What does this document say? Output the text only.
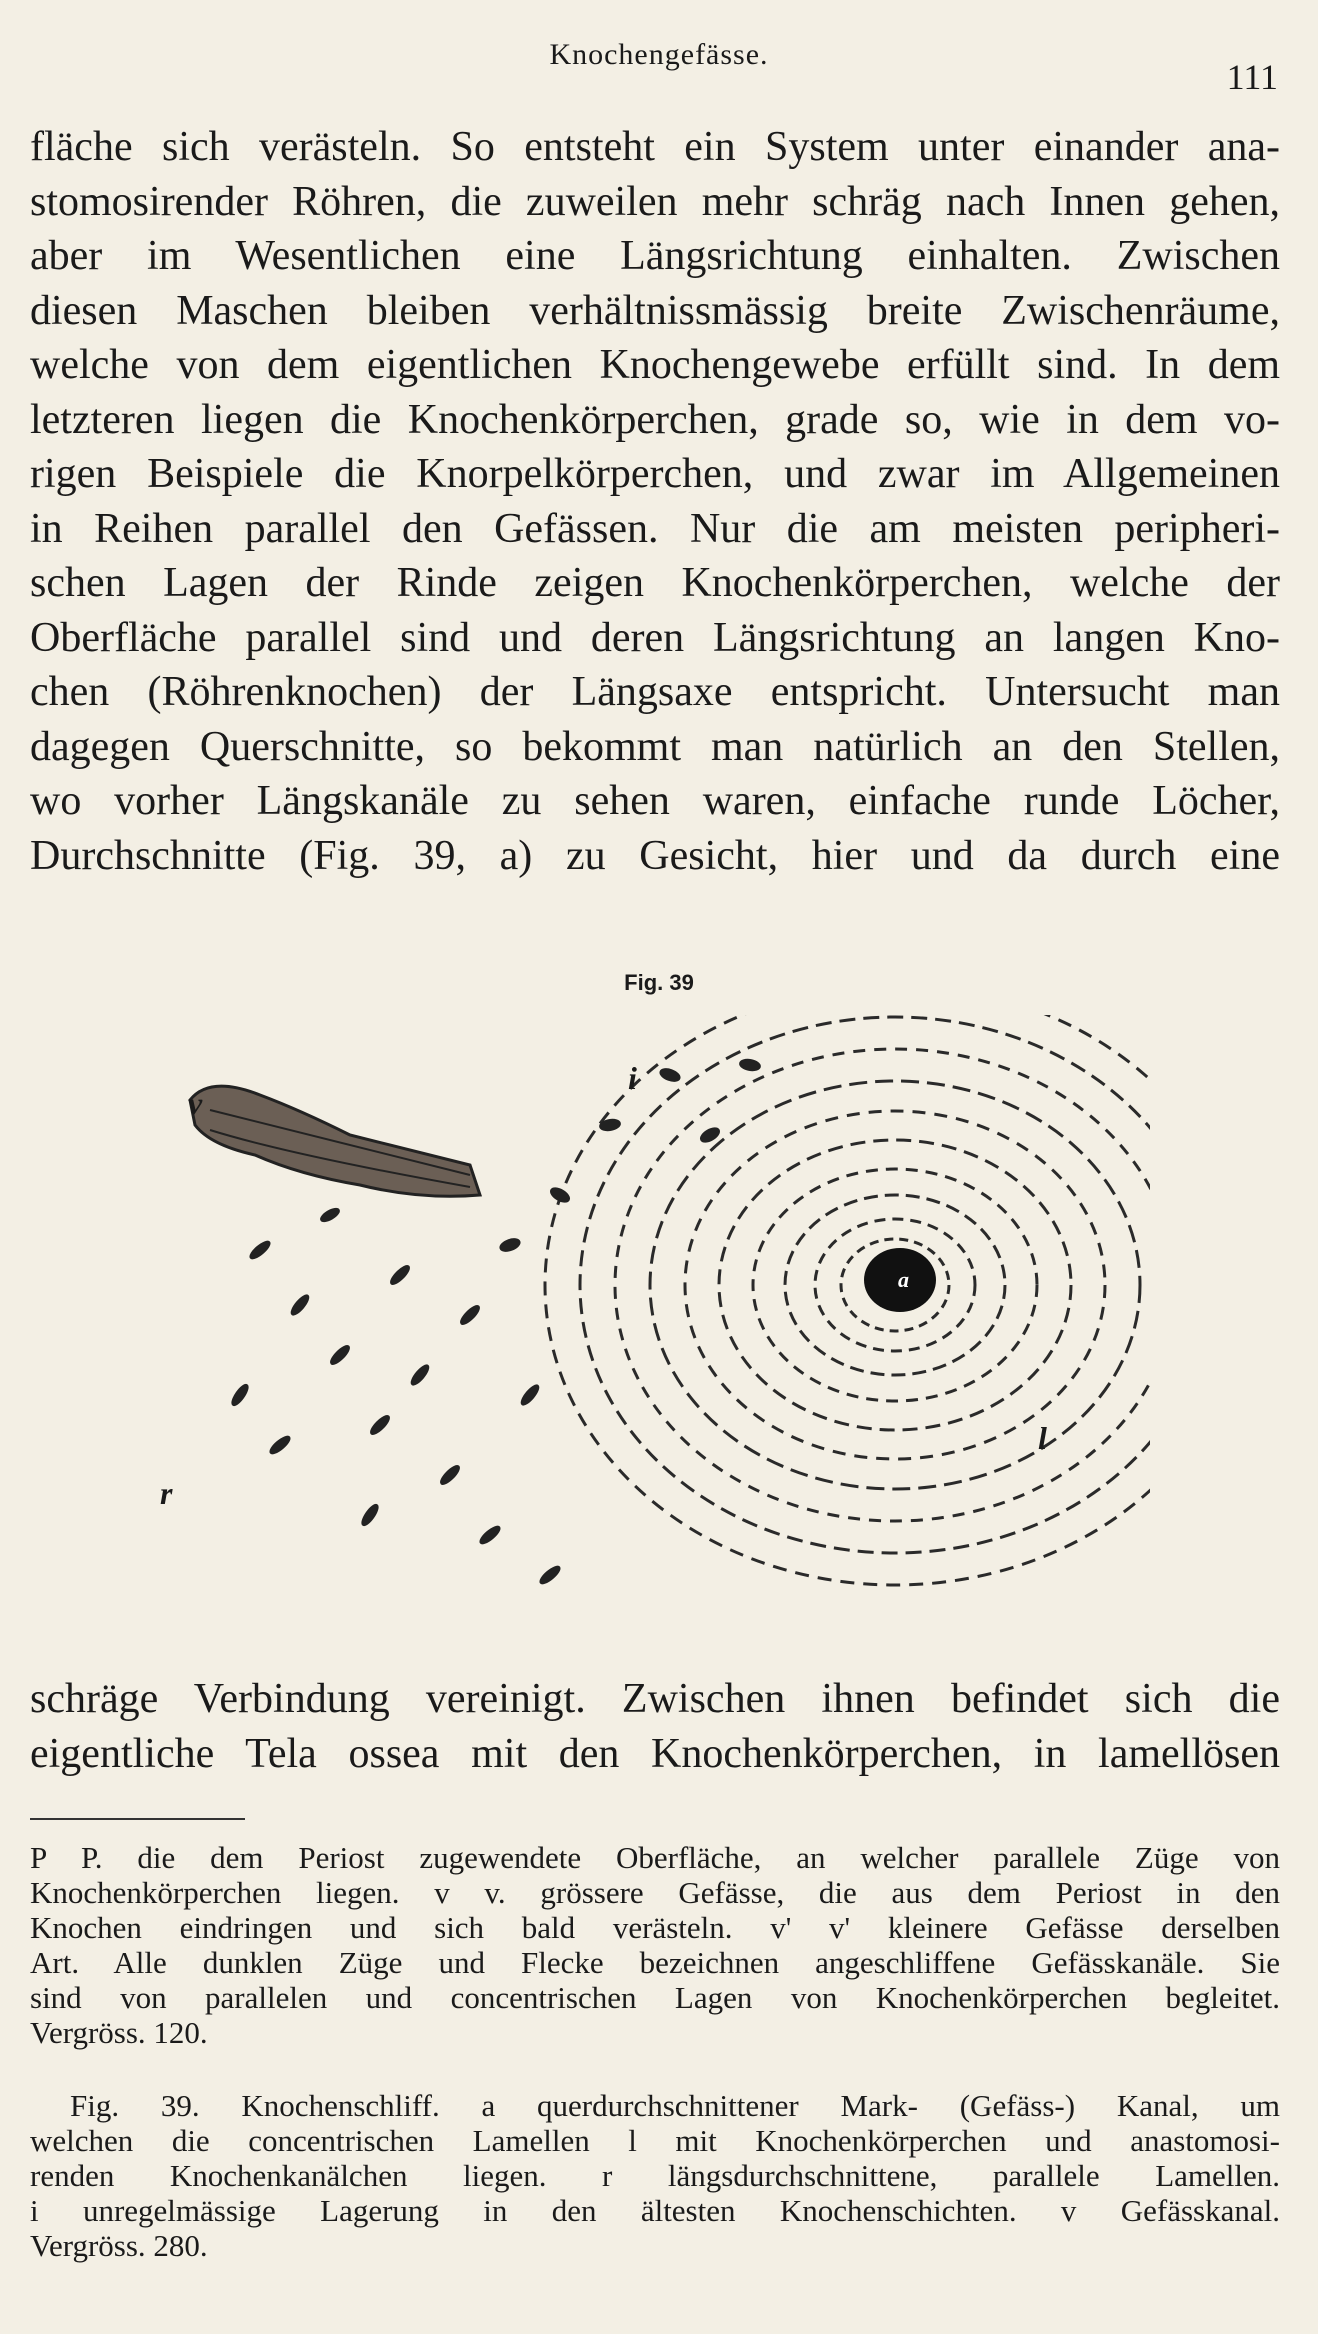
Knochengefässe.
111
fläche sich verästeln. So entsteht ein System unter einander ana-
stomosirender Röhren, die zuweilen mehr schräg nach Innen gehen,
aber im Wesentlichen eine Längsrichtung einhalten. Zwischen
diesen Maschen bleiben verhältnissmässig breite Zwischenräume,
welche von dem eigentlichen Knochengewebe erfüllt sind. In dem
letzteren liegen die Knochenkörperchen, grade so, wie in dem vo-
rigen Beispiele die Knorpelkörperchen, und zwar im Allgemeinen
in Reihen parallel den Gefässen. Nur die am meisten peripheri-
schen Lagen der Rinde zeigen Knochenkörperchen, welche der
Oberfläche parallel sind und deren Längsrichtung an langen Kno-
chen (Röhrenknochen) der Längsaxe entspricht. Untersucht man
dagegen Querschnitte, so bekommt man natürlich an den Stellen,
wo vorher Längskanäle zu sehen waren, einfache runde Löcher,
Durchschnitte (Fig. 39, a) zu Gesicht, hier und da durch eine
Fig. 39
v
i
a
l
r
schräge Verbindung vereinigt. Zwischen ihnen befindet sich die
eigentliche Tela ossea mit den Knochenkörperchen, in lamellösen
P P. die dem Periost zugewendete Oberfläche, an welcher parallele Züge von
Knochenkörperchen liegen. v v. grössere Gefässe, die aus dem Periost in den
Knochen eindringen und sich bald verästeln. v' v' kleinere Gefässe derselben
Art. Alle dunklen Züge und Flecke bezeichnen angeschliffene Gefässkanäle. Sie
sind von parallelen und concentrischen Lagen von Knochenkörperchen begleitet.
Vergröss. 120.
Fig. 39. Knochenschliff. a querdurchschnittener Mark- (Gefäss-) Kanal, um
welchen die concentrischen Lamellen l mit Knochenkörperchen und anastomosi-
renden Knochenkanälchen liegen. r längsdurchschnittene, parallele Lamellen.
i unregelmässige Lagerung in den ältesten Knochenschichten. v Gefässkanal.
Vergröss. 280.
